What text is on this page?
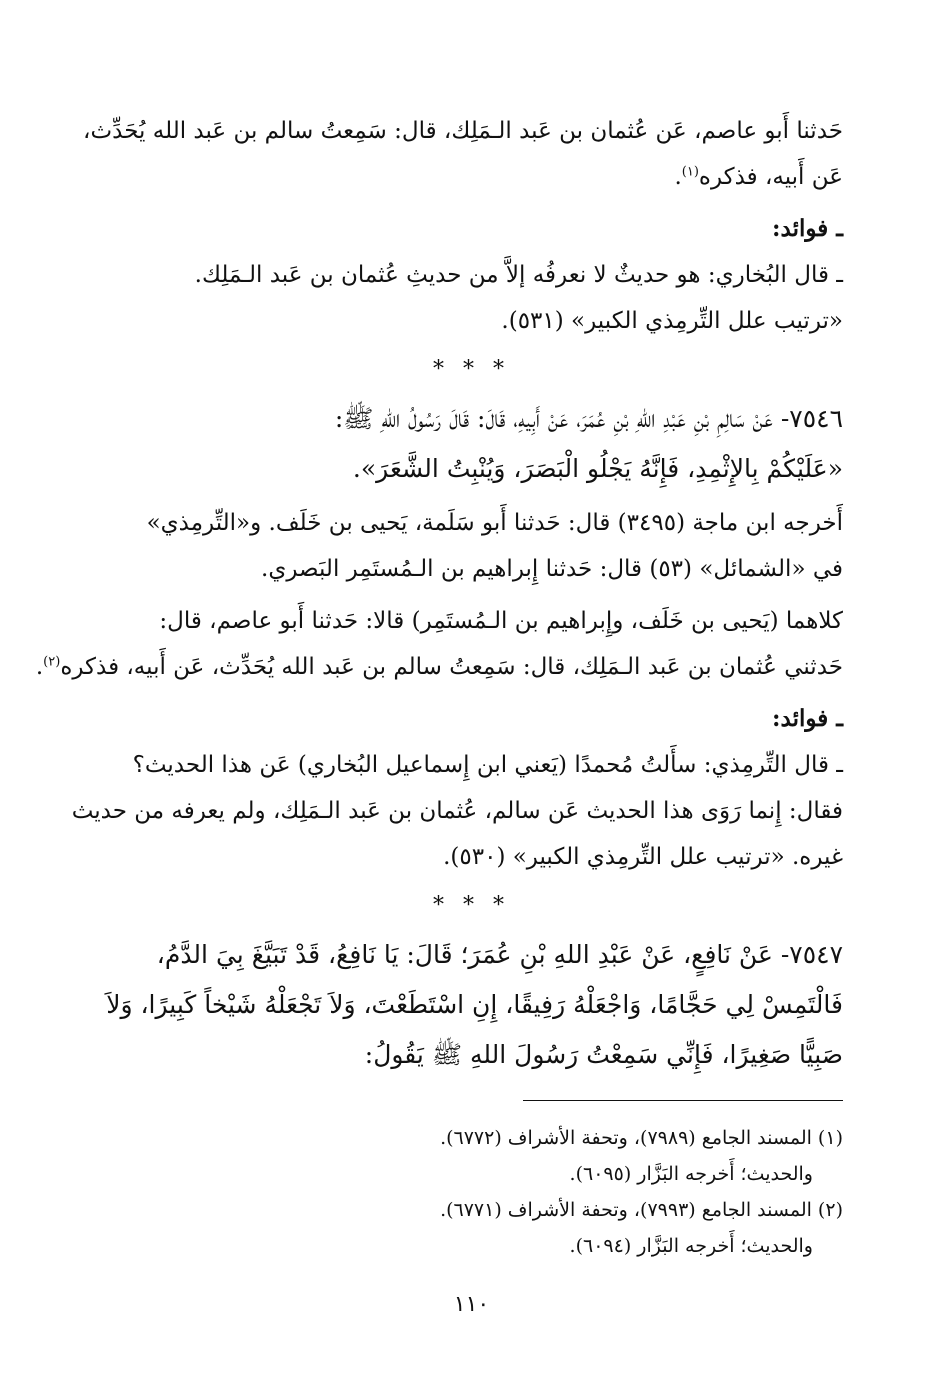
حَدثنا أَبو عاصم، عَن عُثمان بن عَبد الـمَلِك، قال: سَمِعتُ سالم بن عَبد الله يُحَدِّث،

عَن أَبيه، فذكره$^{(١)}$.

ـ فوائد:

ـ قال البُخاري: هو حديثٌ لا نعرفُه إلاَّ من حديثِ عُثمان بن عَبد الـمَلِك.

«ترتيب علل التِّرمِذي الكبير» (٥٣١).

* * *

٧٥٤٦- عَنْ سَالِمِ بْنِ عَبْدِ اللهِ بْنِ عُمَرَ، عَنْ أَبِيهِ، قَالَ: قَالَ رَسُولُ اللهِ ﷺ:

«عَلَيْكُمْ بِالإِثْمِدِ، فَإِنَّهُ يَجْلُو الْبَصَرَ، وَيُنْبِتُ الشَّعَرَ».

أَخرجه ابن ماجة (٣٤٩٥) قال: حَدثنا أَبو سَلَمة، يَحيى بن خَلَف. و«التِّرمِذي»

في «الشمائل» (٥٣) قال: حَدثنا إِبراهيم بن الـمُستَمِر البَصري.

كلاهما (يَحيى بن خَلَف، وإِبراهيم بن الـمُستَمِر) قالا: حَدثنا أَبو عاصم، قال:

حَدثني عُثمان بن عَبد الـمَلِك، قال: سَمِعتُ سالم بن عَبد الله يُحَدِّث، عَن أَبيه، فذكره$^{(٢)}$.

ـ فوائد:

ـ قال التِّرمِذي: سأَلتُ مُحمدًا (يَعني ابن إِسماعيل البُخاري) عَن هذا الحديث؟

فقال: إِنما رَوَى هذا الحديث عَن سالم، عُثمان بن عَبد الـمَلِك، ولم يعرفه من حديث

غيره. «ترتيب علل التِّرمِذي الكبير» (٥٣٠).

* * *

٧٥٤٧- عَنْ نَافِعٍ، عَنْ عَبْدِ اللهِ بْنِ عُمَرَ؛ قَالَ: يَا نَافِعُ، قَدْ تَبَيَّغَ بِيَ الدَّمُ،

فَالْتَمِسْ لِي حَجَّامًا، وَاجْعَلْهُ رَفِيقًا، إِنِ اسْتَطَعْتَ، وَلاَ تَجْعَلْهُ شَيْخاً كَبِيرًا، وَلاَ

صَبِيًّا صَغِيرًا، فَإِنِّي سَمِعْتُ رَسُولَ اللهِ ﷺ يَقُولُ:

(١) المسند الجامع (٧٩٨٩)، وتحفة الأشراف (٦٧٧٢).

والحديث؛ أَخرجه البَزَّار (٦٠٩٥).

(٢) المسند الجامع (٧٩٩٣)، وتحفة الأشراف (٦٧٧١).

والحديث؛ أَخرجه البَزَّار (٦٠٩٤).

١١٠
